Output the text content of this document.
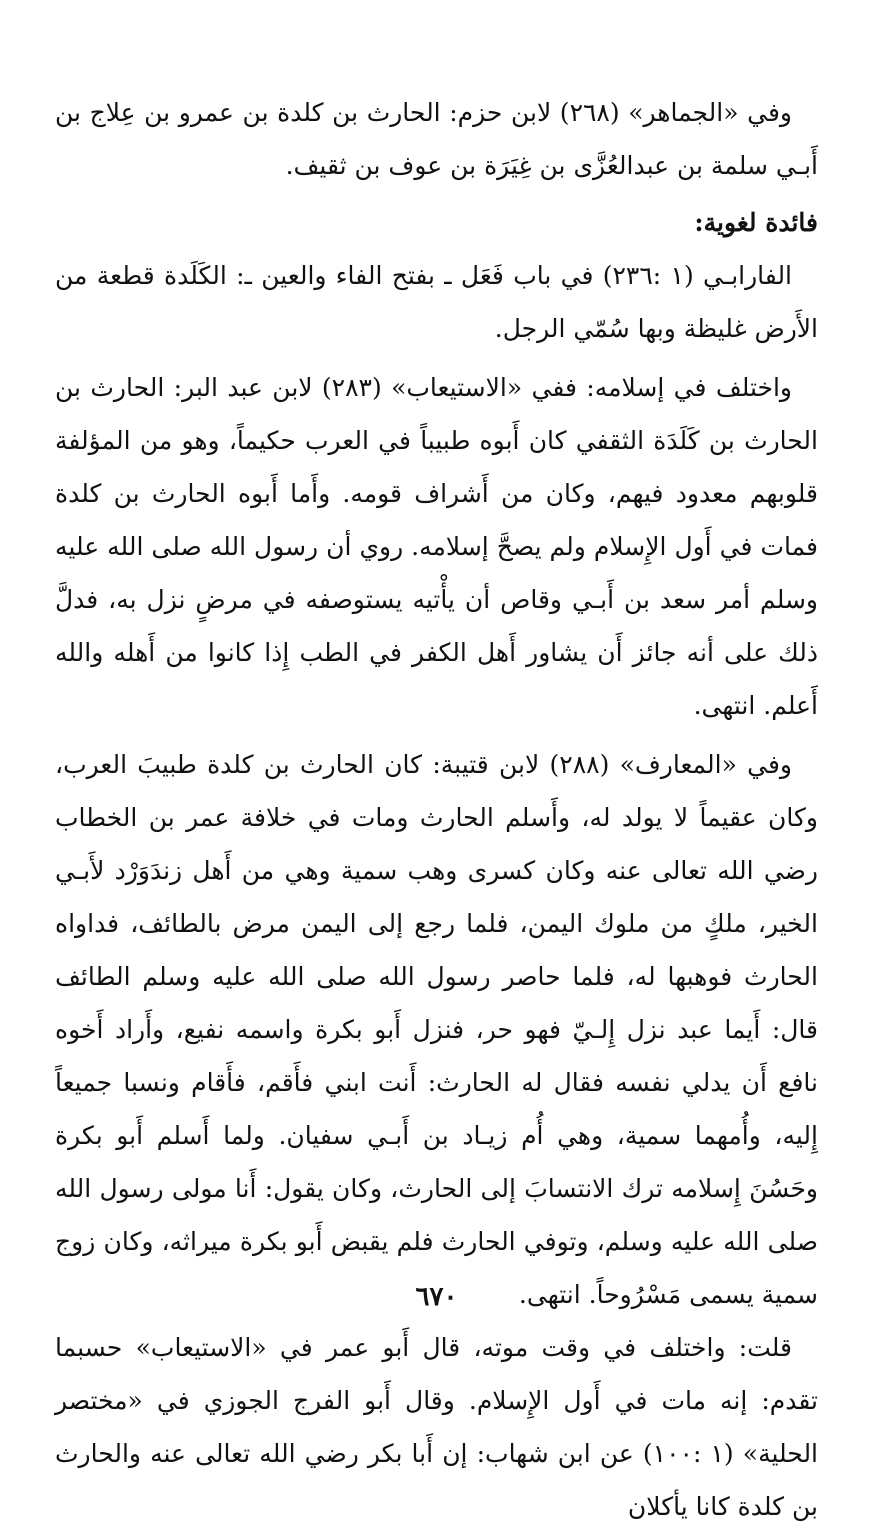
وفي «الجماهر» (٢٦٨) لابن حزم: الحارث بن كلدة بن عمرو بن عِلاج بن أَبـي سلمة بن عبدالعُزَّى بن غِيَرَة بن عوف بن ثقيف.

فائدة لغوية:

الفارابـي (١ :٢٣٦) في باب فَعَل ـ بفتح الفاء والعين ـ: الكَلَدة قطعة من الأَرض غليظة وبها سُمّي الرجل.

واختلف في إسلامه: ففي «الاستيعاب» (٢٨٣) لابن عبد البر: الحارث بن الحارث بن كَلَدَة الثقفي كان أَبوه طبيباً في العرب حكيماً، وهو من المؤلفة قلوبهم معدود فيهم، وكان من أَشراف قومه. وأَما أَبوه الحارث بن كلدة فمات في أَول الإِسلام ولم يصحَّ إسلامه. روي أن رسول الله صلى الله عليه وسلم أمر سعد بن أَبـي وقاص أن يأْتيه يستوصفه في مرضٍ نزل به، فدلَّ ذلك على أنه جائز أَن يشاور أَهل الكفر في الطب إِذا كانوا من أَهله والله أَعلم. انتهى.

وفي «المعارف» (٢٨٨) لابن قتيبة: كان الحارث بن كلدة طبيبَ العرب، وكان عقيماً لا يولد له، وأَسلم الحارث ومات في خلافة عمر بن الخطاب رضي الله تعالى عنه وكان كسرى وهب سمية وهي من أَهل زندَوَرْد لأَبـي الخير، ملكٍ من ملوك اليمن، فلما رجع إلى اليمن مرض بالطائف، فداواه الحارث فوهبها له، فلما حاصر رسول الله صلى الله عليه وسلم الطائف قال: أَيما عبد نزل إِلـيّ فهو حر، فنزل أَبو بكرة واسمه نفيع، وأَراد أَخوه نافع أَن يدلي نفسه فقال له الحارث: أَنت ابني فأَقم، فأَقام ونسبا جميعاً إِليه، وأُمهما سمية، وهي أُم زيـاد بن أَبـي سفيان. ولما أَسلم أَبو بكرة وحَسُنَ إِسلامه ترك الانتسابَ إلى الحارث، وكان يقول: أَنا مولى رسول الله صلى الله عليه وسلم، وتوفي الحارث فلم يقبض أَبو بكرة ميراثه، وكان زوج سمية يسمى مَسْرُوحاً. انتهى.

قلت: واختلف في وقت موته، قال أَبو عمر في «الاستيعاب» حسبما تقدم: إنه مات في أَول الإِسلام. وقال أَبو الفرج الجوزي في «مختصر الحلية» (١ :١٠٠) عن ابن شهاب: إن أَبا بكر رضي الله تعالى عنه والحارث بن كلدة كانا يأكلان

٦٧٠
